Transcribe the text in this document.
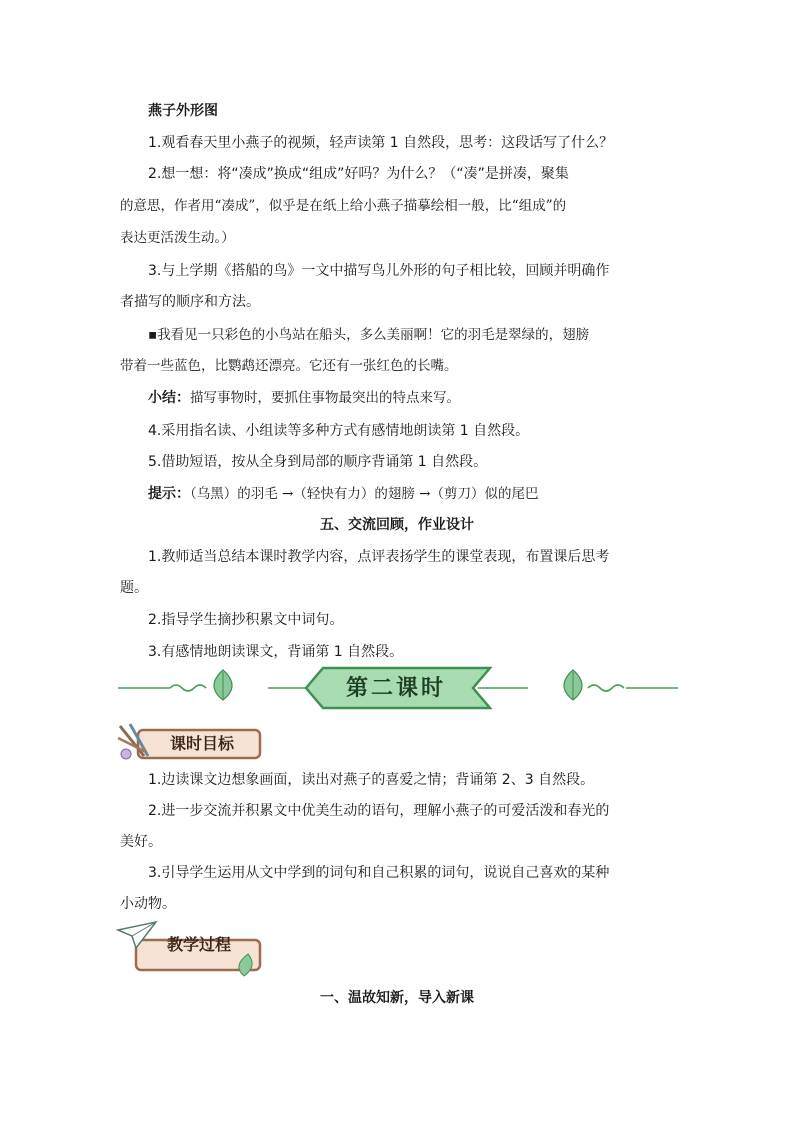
燕子外形图
1.观看春天里小燕子的视频，轻声读第 1 自然段，思考：这段话写了什么？
2.想一想：将“凑成”换成“组成”好吗？为什么？（“凑”是拼凑，聚集
的意思，作者用“凑成”，似乎是在纸上给小燕子描摹绘相一般，比“组成”的
表达更活泼生动。）
3.与上学期《搭船的鸟》一文中描写鸟儿外形的句子相比较，回顾并明确作
者描写的顺序和方法。
▪我看见一只彩色的小鸟站在船头，多么美丽啊！它的羽毛是翠绿的，翅膀
带着一些蓝色，比鹦鹉还漂亮。它还有一张红色的长嘴。
小结：描写事物时，要抓住事物最突出的特点来写。
4.采用指名读、小组读等多种方式有感情地朗读第 1 自然段。
5.借助短语，按从全身到局部的顺序背诵第 1 自然段。
提示：（乌黑）的羽毛 →（轻快有力）的翅膀 →（剪刀）似的尾巴
五、交流回顾，作业设计
1.教师适当总结本课时教学内容，点评表扬学生的课堂表现，布置课后思考
题。
2.指导学生摘抄积累文中词句。
3.有感情地朗读课文，背诵第 1 自然段。
第二课时
课时目标
1.边读课文边想象画面，读出对燕子的喜爱之情；背诵第 2、3 自然段。
2.进一步交流并积累文中优美生动的语句，理解小燕子的可爱活泼和春光的
美好。
3.引导学生运用从文中学到的词句和自己积累的词句，说说自己喜欢的某种
小动物。
教学过程
一、温故知新，导入新课
